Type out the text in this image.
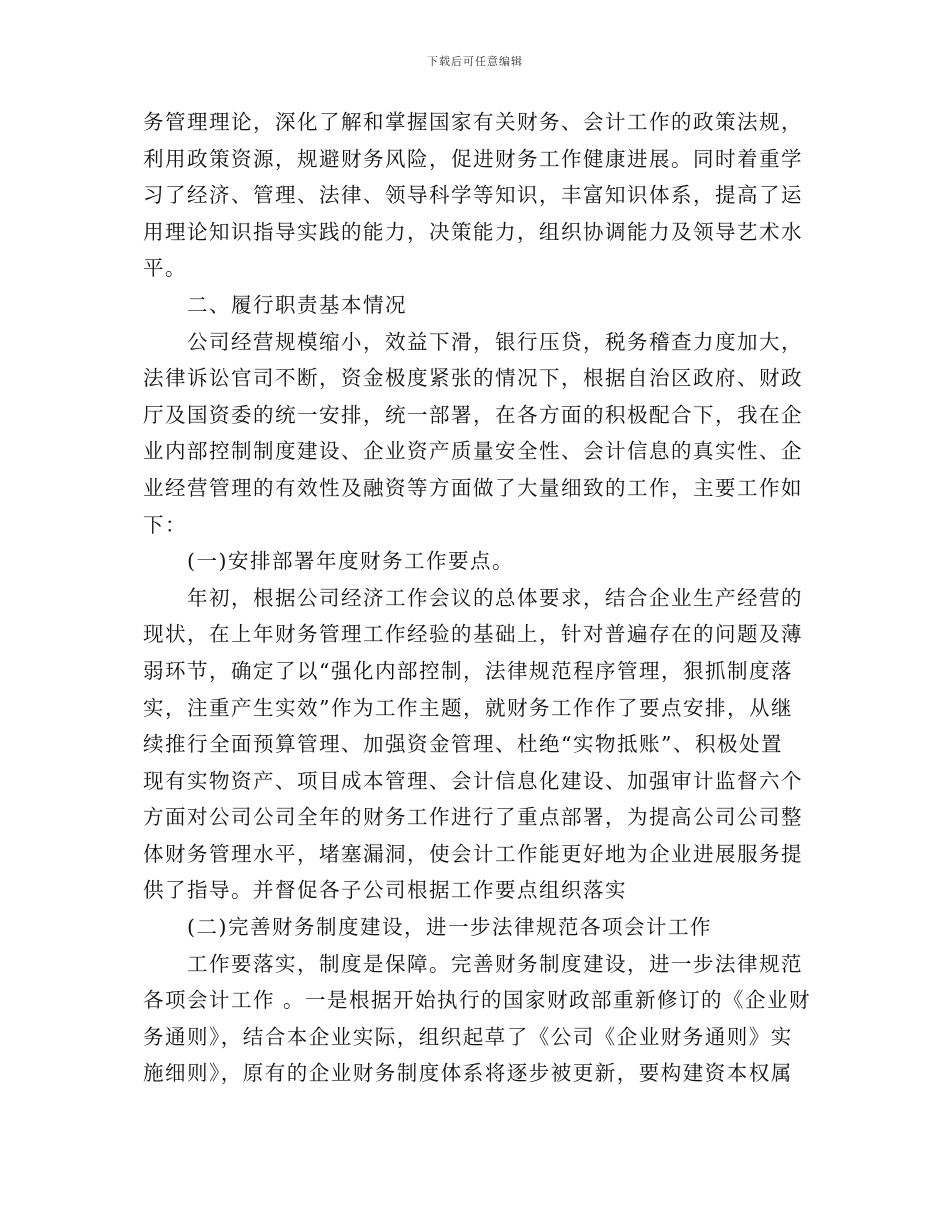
下载后可任意编辑
务管理理论，深化了解和掌握国家有关财务、会计工作的政策法规，
利用政策资源，规避财务风险，促进财务工作健康进展。同时着重学
习了经济、管理、法律、领导科学等知识，丰富知识体系，提高了运
用理论知识指导实践的能力，决策能力，组织协调能力及领导艺术水
平。
二、履行职责基本情况
公司经营规模缩小，效益下滑，银行压贷，税务稽查力度加大，
法律诉讼官司不断，资金极度紧张的情况下，根据自治区政府、财政
厅及国资委的统一安排，统一部署，在各方面的积极配合下，我在企
业内部控制制度建设、企业资产质量安全性、会计信息的真实性、企
业经营管理的有效性及融资等方面做了大量细致的工作，主要工作如
下：
(一)安排部署年度财务工作要点。
年初，根据公司经济工作会议的总体要求，结合企业生产经营的
现状，在上年财务管理工作经验的基础上，针对普遍存在的问题及薄
弱环节，确定了以“强化内部控制，法律规范程序管理，狠抓制度落
实，注重产生实效”作为工作主题，就财务工作作了要点安排，从继
续推行全面预算管理、加强资金管理、杜绝“实物抵账”、积极处置
现有实物资产、项目成本管理、会计信息化建设、加强审计监督六个
方面对公司公司全年的财务工作进行了重点部署，为提高公司公司整
体财务管理水平，堵塞漏洞，使会计工作能更好地为企业进展服务提
供了指导。并督促各子公司根据工作要点组织落实
(二)完善财务制度建设，进一步法律规范各项会计工作
工作要落实，制度是保障。完善财务制度建设，进一步法律规范
各项会计工作 。一是根据开始执行的国家财政部重新修订的《企业财
务通则》，结合本企业实际，组织起草了《公司《企业财务通则》实
施细则》，原有的企业财务制度体系将逐步被更新，要构建资本权属
